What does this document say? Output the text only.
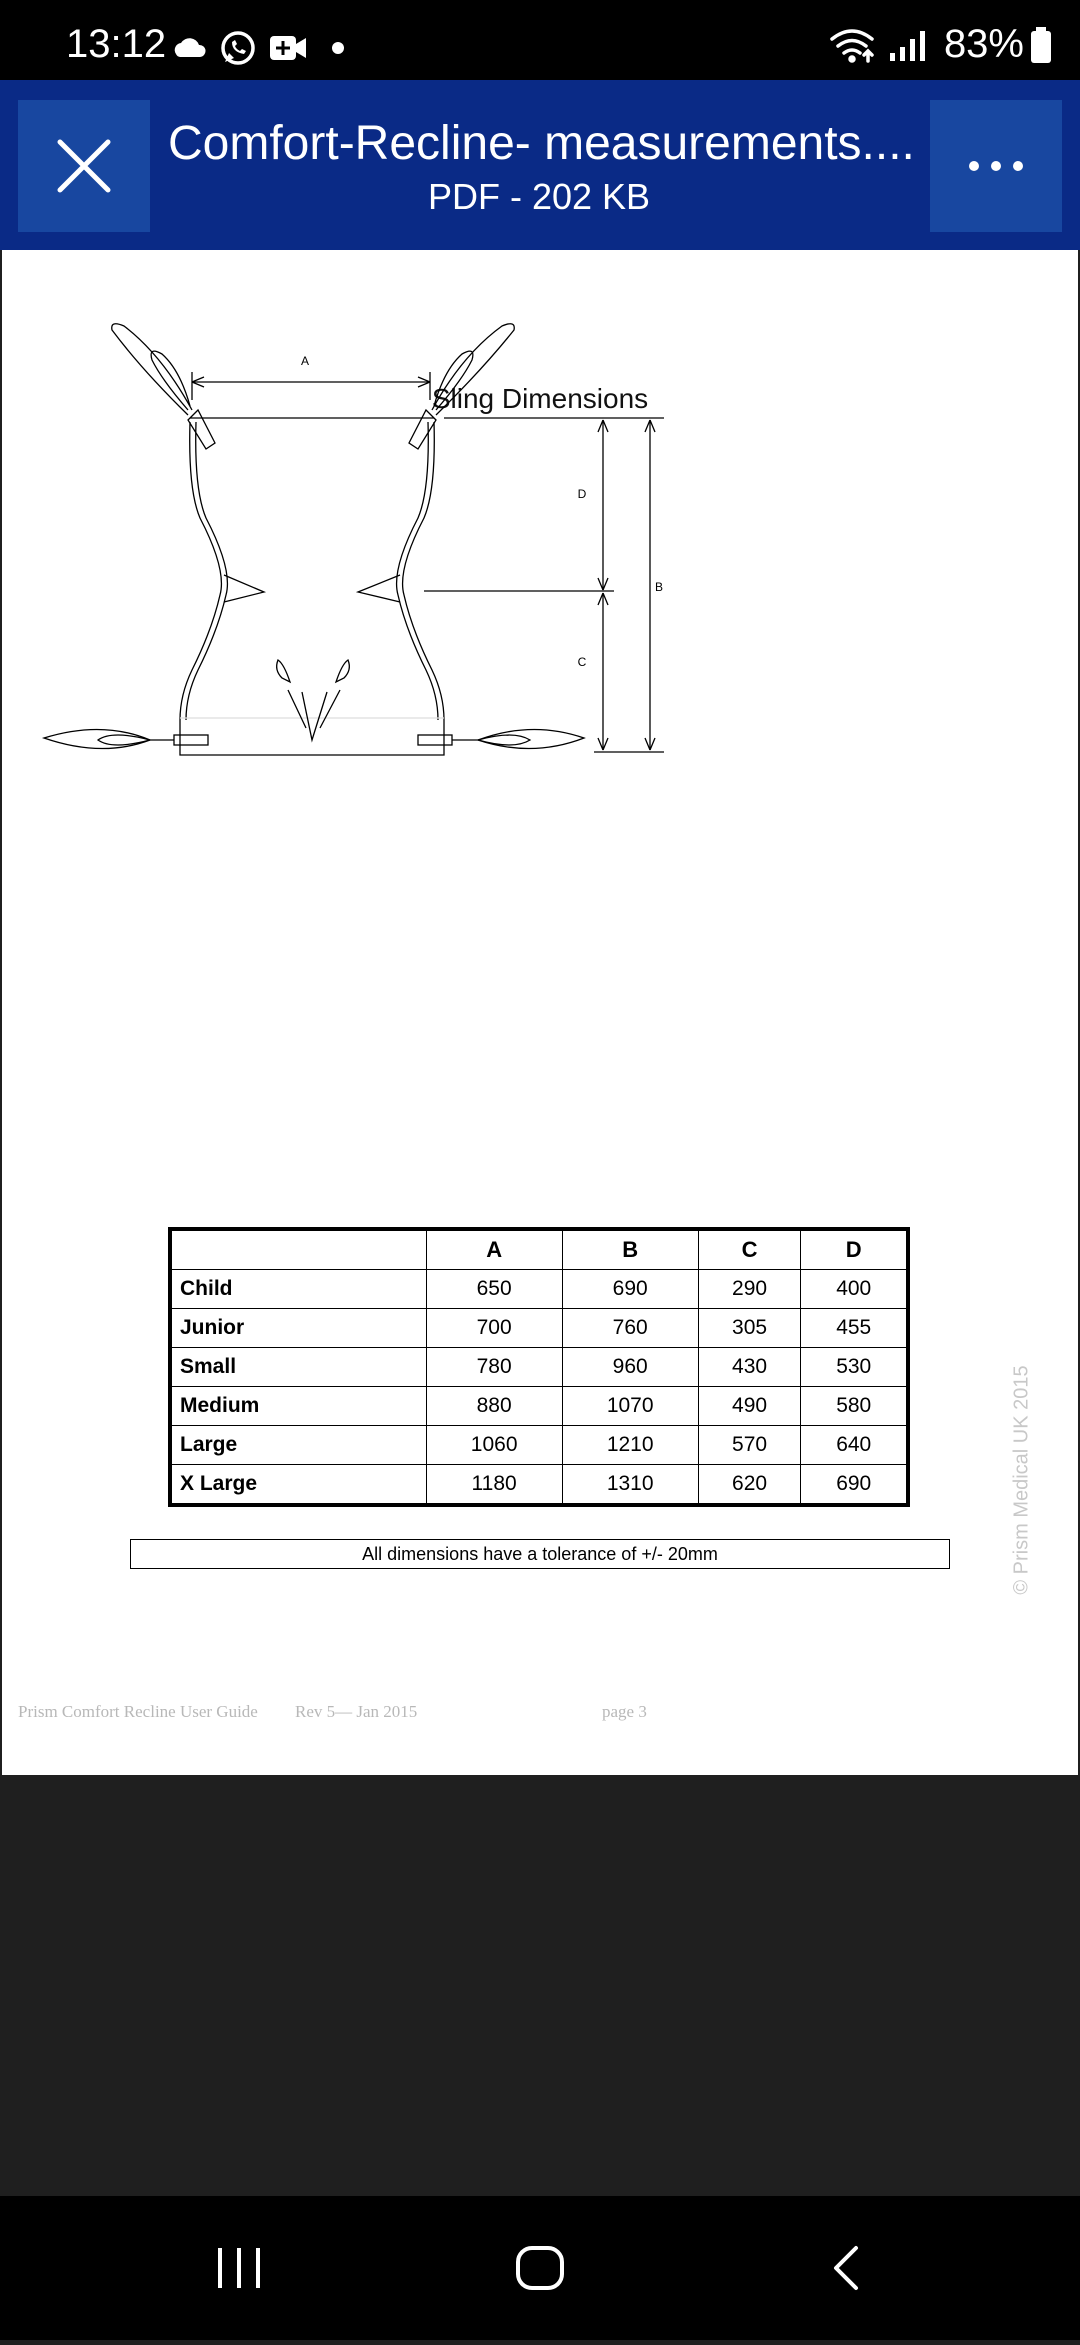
13:12	83%
Comfort-Recline- measurements....
PDF - 202 KB
Sling Dimensions
A
D
B
C
	A	B	C	D
Child	650	690	290	400
Junior	700	760	305	455
Small	780	960	430	530
Medium	880	1070	490	580
Large	1060	1210	570	640
X Large	1180	1310	620	690
All dimensions have a tolerance of +/- 20mm
Prism Comfort Recline User Guide Rev 5— Jan 2015	page 3
© Prism Medical UK 2015
